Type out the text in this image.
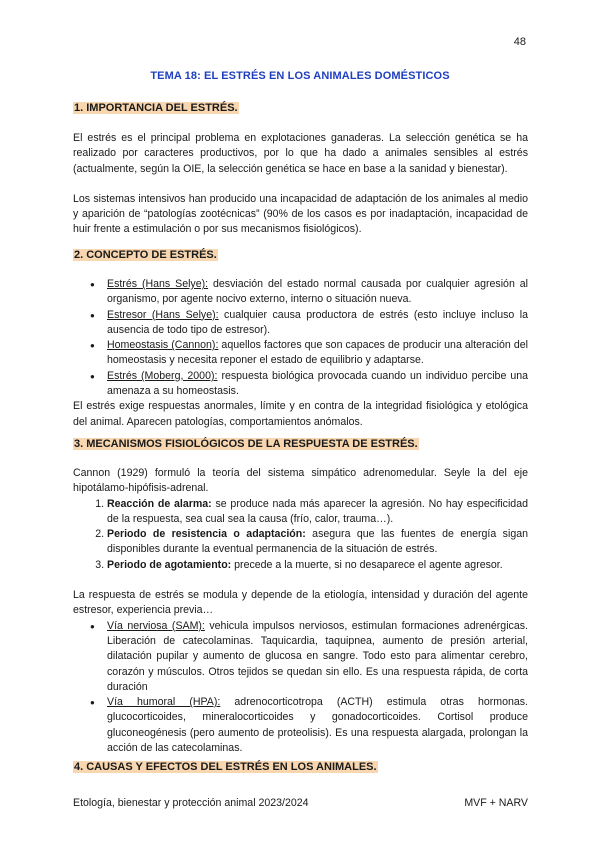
48
TEMA 18: EL ESTRÉS EN LOS ANIMALES DOMÉSTICOS
1. IMPORTANCIA DEL ESTRÉS.

El estrés es el principal problema en explotaciones ganaderas. La selección genética se ha realizado por caracteres productivos, por lo que ha dado a animales sensibles al estrés (actualmente, según la OIE, la selección genética se hace en base a la sanidad y bienestar).

Los sistemas intensivos han producido una incapacidad de adaptación de los animales al medio y aparición de “patologías zootécnicas” (90% de los casos es por inadaptación, incapacidad de huir frente a estimulación o por sus mecanismos fisiológicos).

2. CONCEPTO DE ESTRÉS.
● Estrés (Hans Selye): desviación del estado normal causada por cualquier agresión al organismo, por agente nocivo externo, interno o situación nueva.
● Estresor (Hans Selye): cualquier causa productora de estrés (esto incluye incluso la ausencia de todo tipo de estresor).
● Homeostasis (Cannon): aquellos factores que son capaces de producir una alteración del homeostasis y necesita reponer el estado de equilibrio y adaptarse.
● Estrés (Moberg, 2000): respuesta biológica provocada cuando un individuo percibe una amenaza a su homeostasis.

El estrés exige respuestas anormales, límite y en contra de la integridad fisiológica y etológica del animal. Aparecen patologías, comportamientos anómalos.

3. MECANISMOS FISIOLÓGICOS DE LA RESPUESTA DE ESTRÉS.

Cannon (1929) formuló la teoría del sistema simpático adrenomedular. Seyle la del eje hipotálamo-hipófisis-adrenal.

1. Reacción de alarma: se produce nada más aparecer la agresión. No hay especificidad de la respuesta, sea cual sea la causa (frío, calor, trauma…).
2. Periodo de resistencia o adaptación: asegura que las fuentes de energía sigan disponibles durante la eventual permanencia de la situación de estrés.
3. Periodo de agotamiento: precede a la muerte, si no desaparece el agente agresor.

La respuesta de estrés se modula y depende de la etiología, intensidad y duración del agente estresor, experiencia previa…

● Vía nerviosa (SAM): vehicula impulsos nerviosos, estimulan formaciones adrenérgicas. Liberación de catecolaminas. Taquicardia, taquipnea, aumento de presión arterial, dilatación pupilar y aumento de glucosa en sangre. Todo esto para alimentar cerebro, corazón y músculos. Otros tejidos se quedan sin ello. Es una respuesta rápida, de corta duración
● Vía humoral (HPA): adrenocorticotropa (ACTH) estimula otras hormonas. glucocorticoides, mineralocorticoides y gonadocorticoides. Cortisol produce gluconeogénesis (pero aumento de proteolisis). Es una respuesta alargada, prolongan la acción de las catecolaminas.
4. CAUSAS Y EFECTOS DEL ESTRÉS EN LOS ANIMALES.
Etología, bienestar y protección animal 2023/2024	MVF + NARV
